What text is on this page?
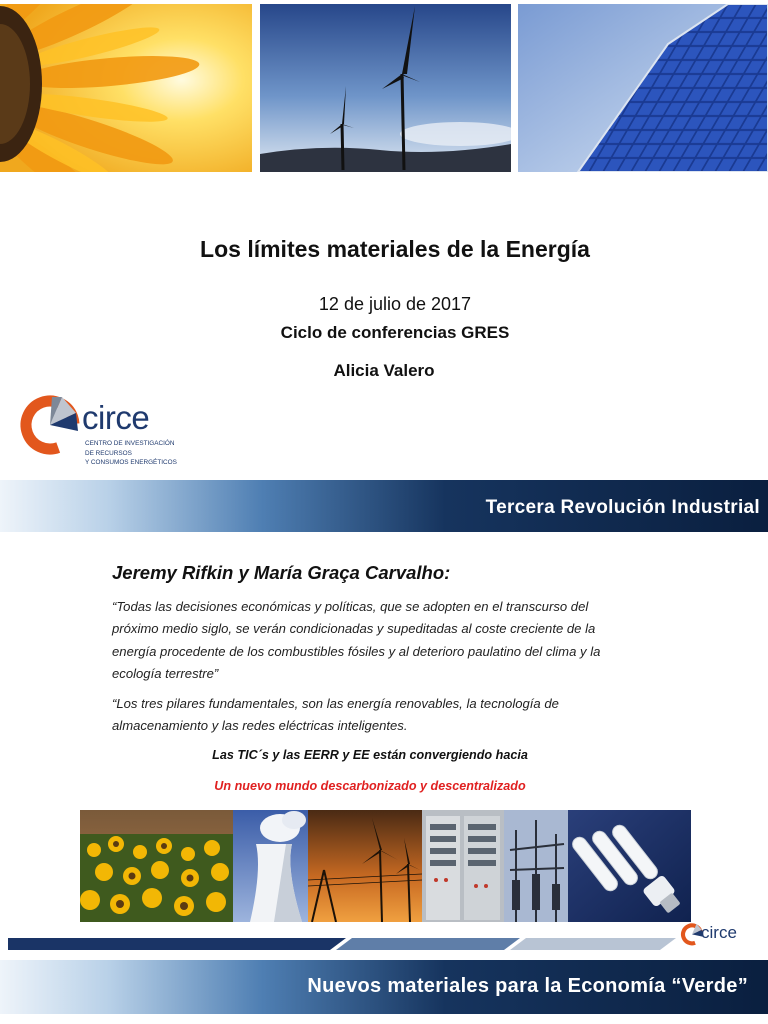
Los límites materiales de la Energía
12 de julio de 2017
Ciclo de conferencias GRES
Alicia Valero
circe
CENTRO DE INVESTIGACIÓN
DE RECURSOS
Y CONSUMOS ENERGÉTICOS
Tercera Revolución Industrial
Jeremy Rifkin y María Graça Carvalho:
“Todas las decisiones económicas y políticas, que se adopten en el transcurso del próximo medio siglo, se verán condicionadas y supeditadas al coste creciente de la energía procedente de los combustibles fósiles y al deterioro paulatino del clima y la ecología terrestre”
“Los tres pilares fundamentales, son las energía renovables, la tecnología de almacenamiento y las redes eléctricas inteligentes.
Las TIC´s y las EERR y EE están convergiendo hacia
Un nuevo mundo descarbonizado y descentralizado
circe
Nuevos materiales para la Economía “Verde”
